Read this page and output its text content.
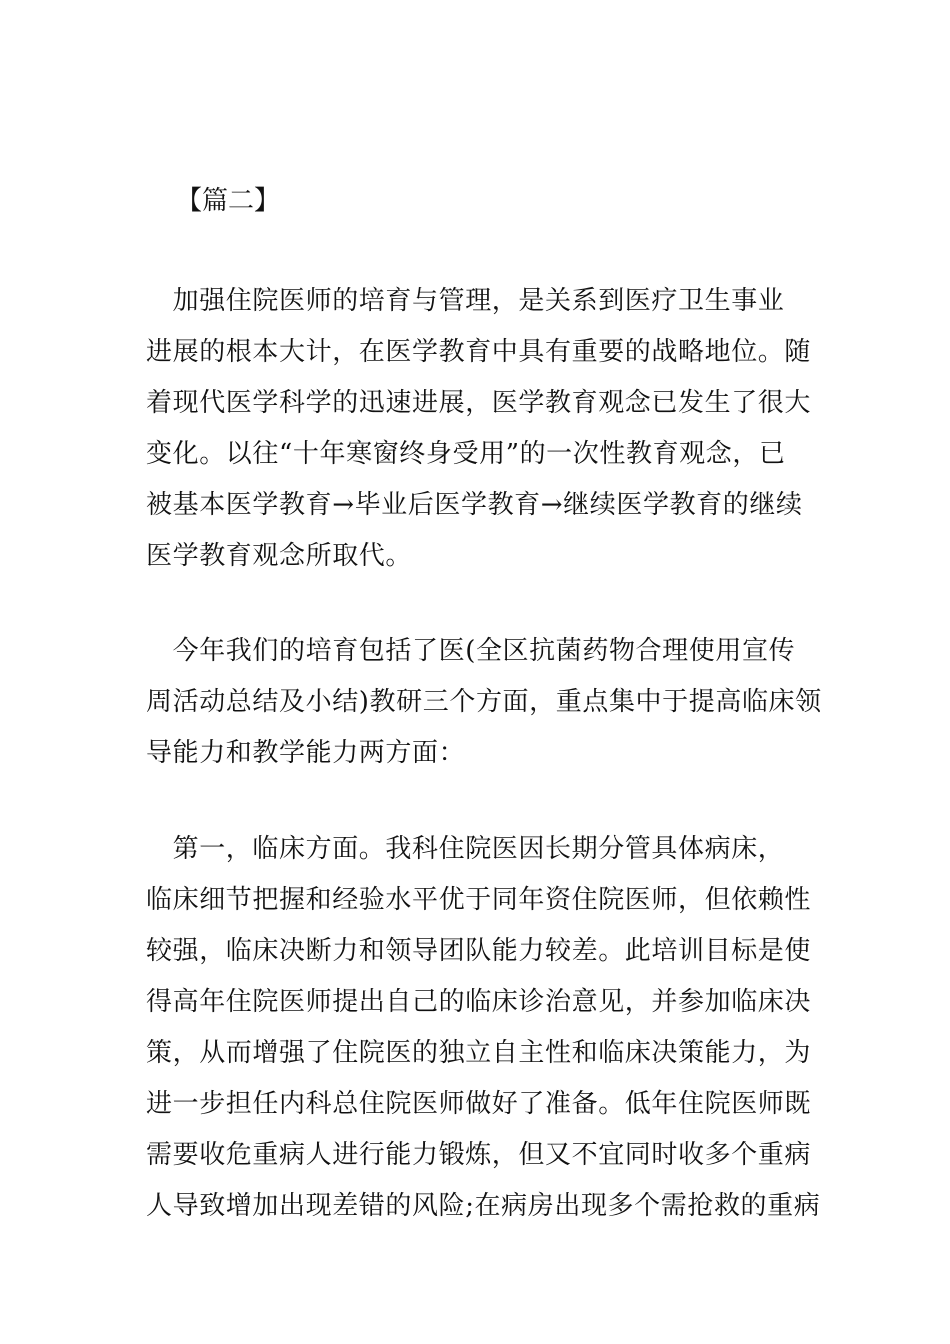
【篇二】

　加强住院医师的培育与管理，是关系到医疗卫生事业
进展的根本大计，在医学教育中具有重要的战略地位。随
着现代医学科学的迅速进展，医学教育观念已发生了很大
变化。以往“十年寒窗终身受用”的一次性教育观念，已
被基本医学教育→毕业后医学教育→继续医学教育的继续
医学教育观念所取代。
　今年我们的培育包括了医(全区抗菌药物合理使用宣传
周活动总结及小结)教研三个方面，重点集中于提高临床领
导能力和教学能力两方面：
　第一，临床方面。我科住院医因长期分管具体病床，
临床细节把握和经验水平优于同年资住院医师，但依赖性
较强，临床决断力和领导团队能力较差。此培训目标是使
得高年住院医师提出自己的临床诊治意见，并参加临床决
策，从而增强了住院医的独立自主性和临床决策能力，为
进一步担任内科总住院医师做好了准备。低年住院医师既
需要收危重病人进行能力锻炼，但又不宜同时收多个重病
人导致增加出现差错的风险;在病房出现多个需抢救的重病
